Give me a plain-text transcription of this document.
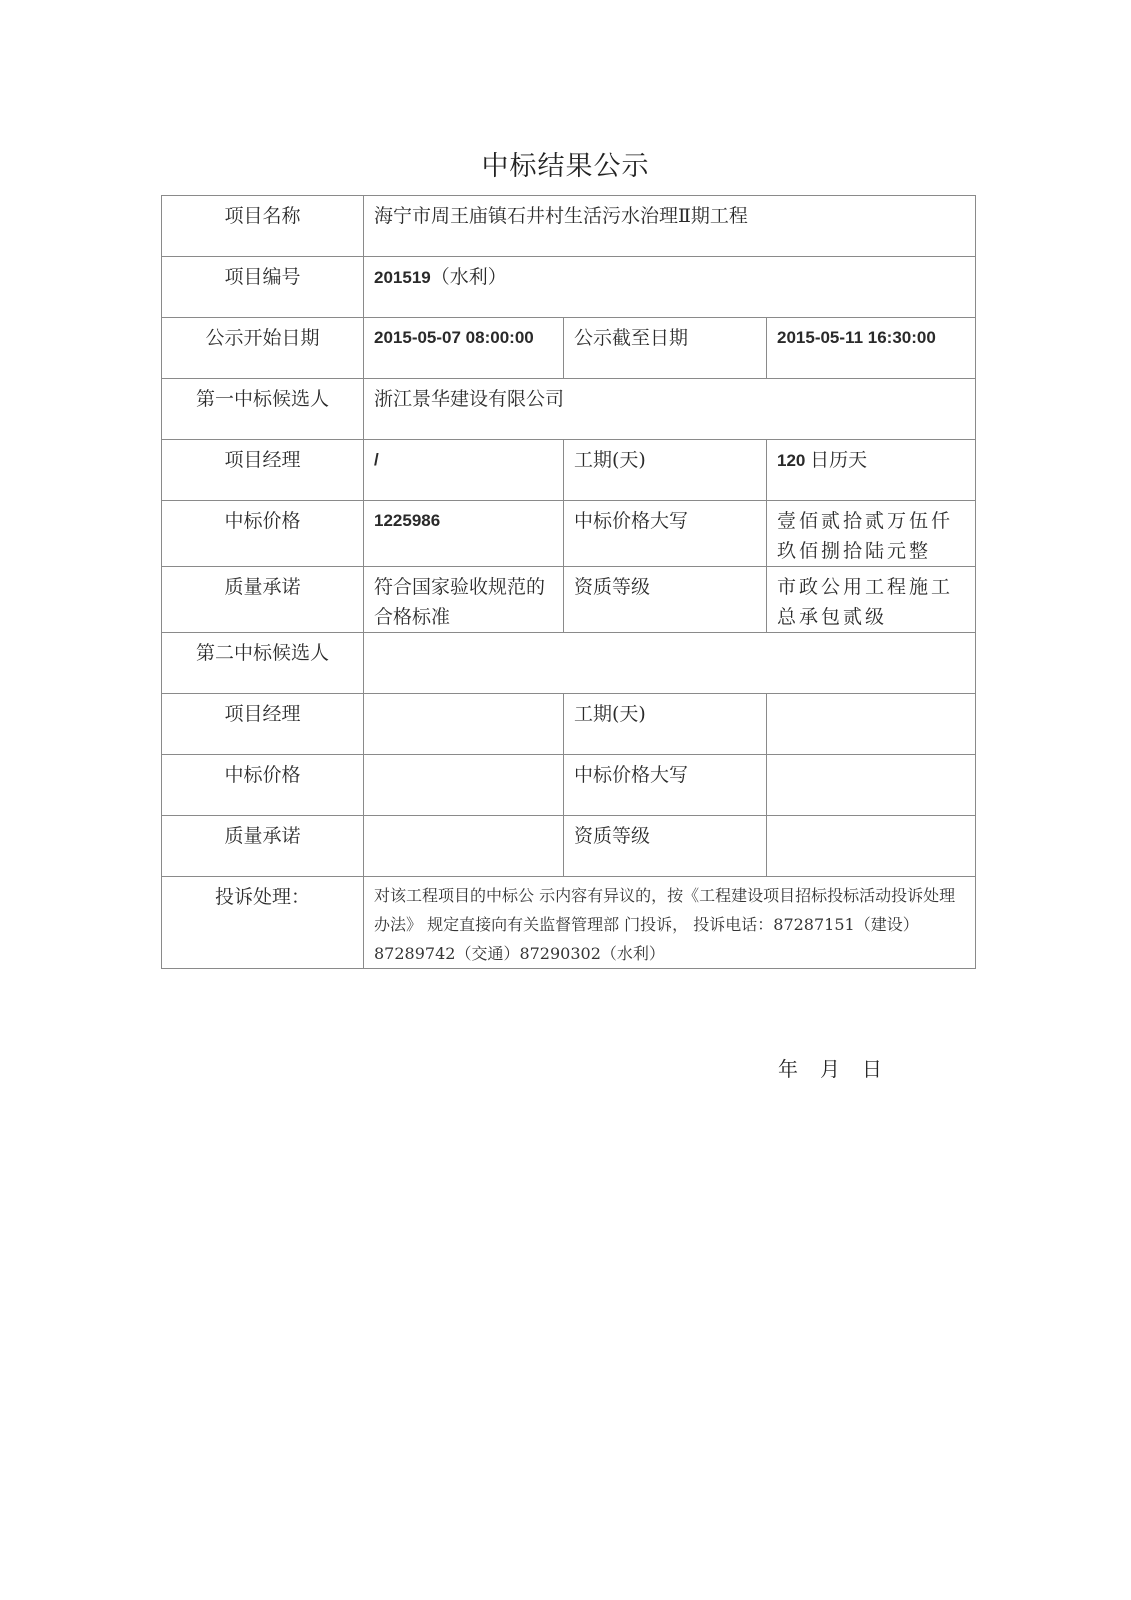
中标结果公示
项目名称	海宁市周王庙镇石井村生活污水治理Ⅱ期工程		
项目编号	201519（水利）		
公示开始日期	2015-05-07 08:00:00	公示截至日期	2015-05-11 16:30:00
第一中标候选人	浙江景华建设有限公司		
项目经理	/	工期(天)	120 日历天
中标价格	1225986	中标价格大写	壹佰贰拾贰万伍仟玖佰捌拾陆元整
质量承诺	符合国家验收规范的合格标准	资质等级	市政公用工程施工总承包贰级
第二中标候选人			
项目经理		工期(天)	
中标价格		中标价格大写	
质量承诺		资质等级	
投诉处理：	对该工程项目的中标公 示内容有异议的，按《工程建设项目招标投标活动投诉处理办法》 规定直接向有关监督管理部 门投诉， 投诉电话：87287151（建设）87289742（交通）87290302（水利）		
年 月 日
